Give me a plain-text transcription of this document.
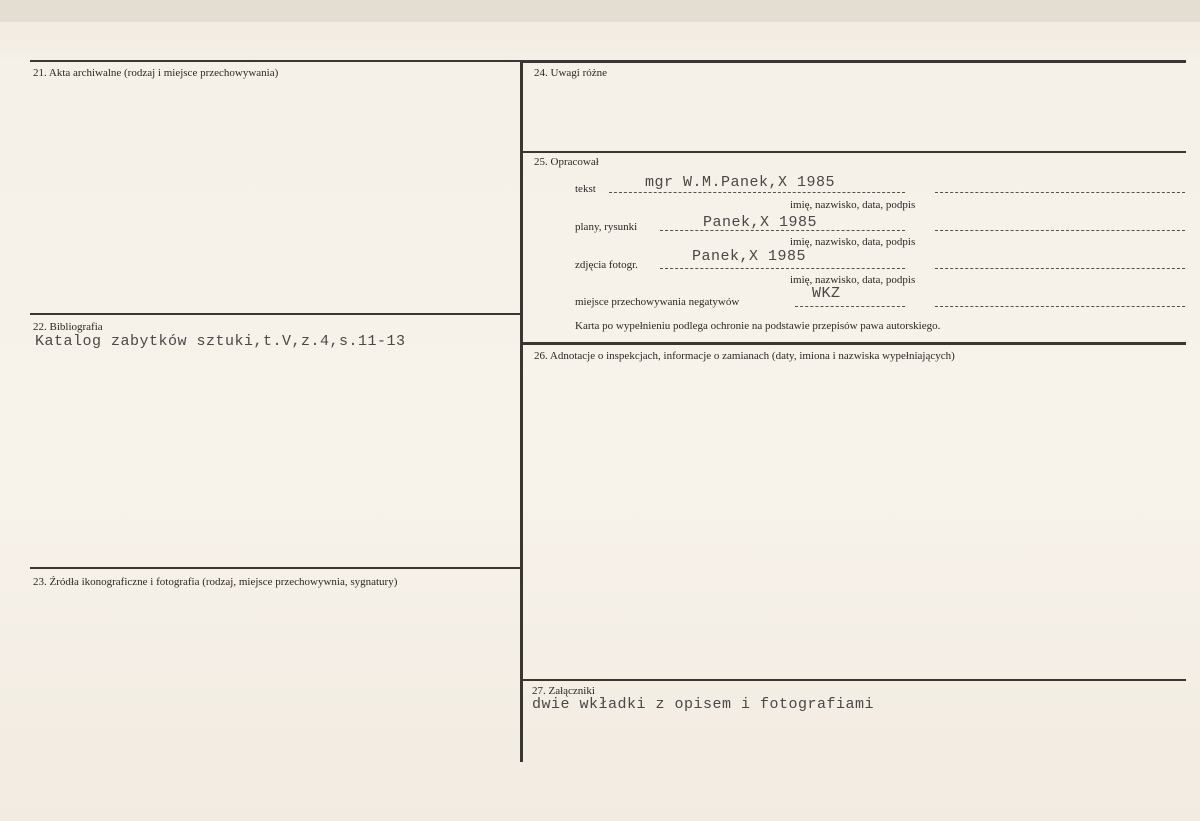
21. Akta archiwalne (rodzaj i miejsce przechowywania)
22. Bibliografia
Katalog zabytków sztuki,t.V,z.4,s.11-13
23. Źródła ikonograficzne i fotografia (rodzaj, miejsce przechowywnia, sygnatury)
24. Uwagi różne
25. Opracował
tekst	mgr W.M.Panek,X 1985
imię, nazwisko, data, podpis
plany, rysunki	Panek,X 1985
imię, nazwisko, data, podpis
zdjęcia fotogr.	Panek,X 1985
imię, nazwisko, data, podpis
miejsce przechowywania negatywów	WKZ
Karta po wypełnieniu podlega ochronie na podstawie przepisów pawa autorskiego.
26. Adnotacje o inspekcjach, informacje o zamianach (daty, imiona i nazwiska wypełniających)
27. Załączniki
dwie wkładki z opisem i fotografiami
